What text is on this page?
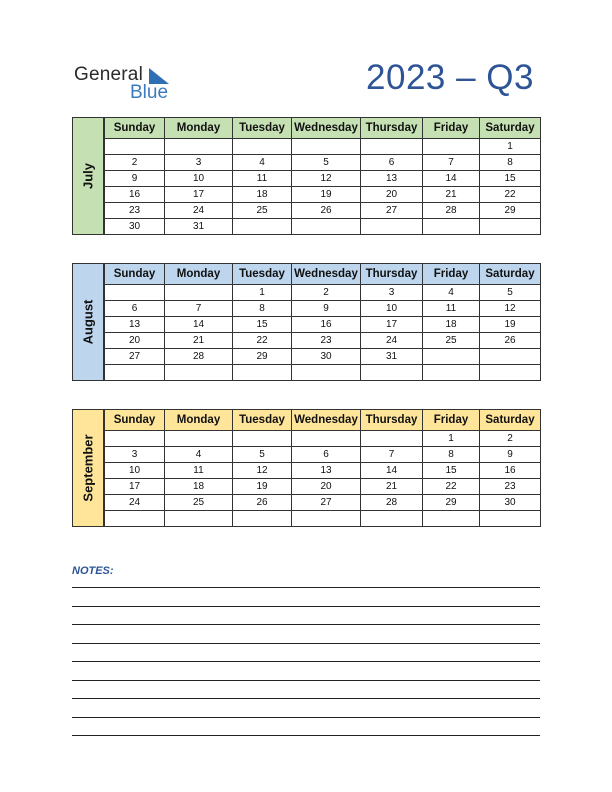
General
Blue	2023 – Q3
July
Sunday	Monday	Tuesday	Wednesday	Thursday	Friday	Saturday
						1
2	3	4	5	6	7	8
9	10	11	12	13	14	15
16	17	18	19	20	21	22
23	24	25	26	27	28	29
30	31					
August
Sunday	Monday	Tuesday	Wednesday	Thursday	Friday	Saturday
		1	2	3	4	5
6	7	8	9	10	11	12
13	14	15	16	17	18	19
20	21	22	23	24	25	26
27	28	29	30	31		

September
Sunday	Monday	Tuesday	Wednesday	Thursday	Friday	Saturday
					1	2
3	4	5	6	7	8	9
10	11	12	13	14	15	16
17	18	19	20	21	22	23
24	25	26	27	28	29	30

NOTES:
